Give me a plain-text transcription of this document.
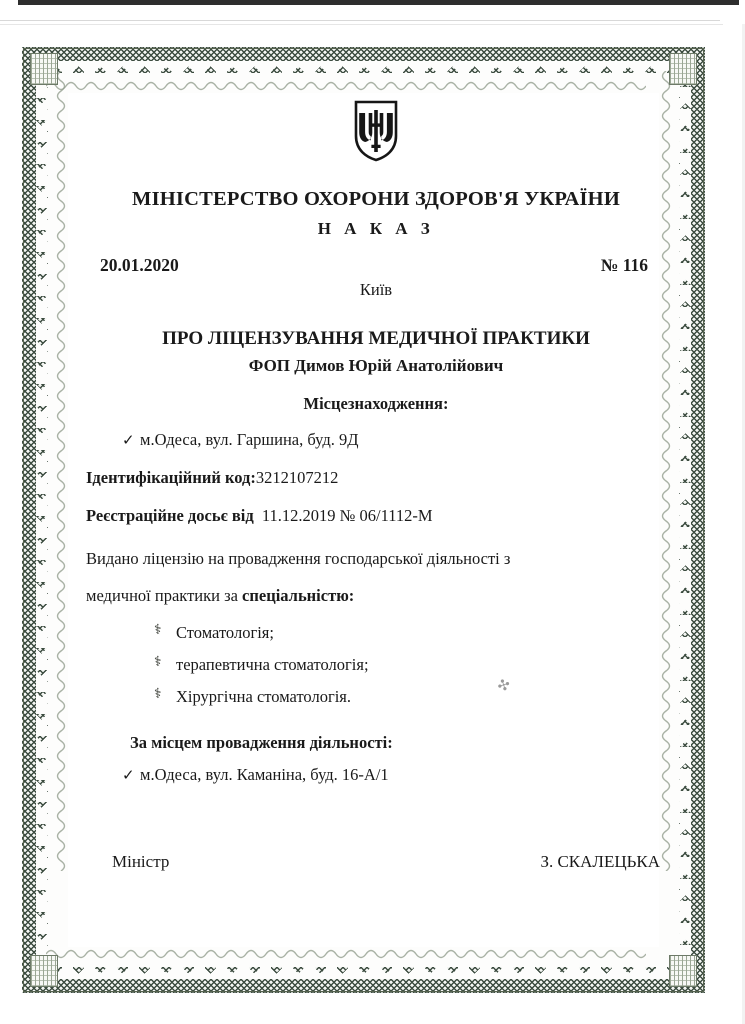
МІНІСТЕРСТВО ОХОРОНИ ЗДОРОВ'Я УКРАЇНИ

Н А К А З

20.01.2020	№ 116

Київ

ПРО ЛІЦЕНЗУВАННЯ МЕДИЧНОЇ ПРАКТИКИ

ФОП Димов Юрій Анатолійович

Місцезнаходження:

✓ м.Одеса, вул. Гаршина, буд. 9Д

Ідентифікаційний код:3212107212

Реєстраційне досьє від 11.12.2019 № 06/1112-М

Видано ліцензію на провадження господарської діяльності з

медичної практики за спеціальністю:

⚕ Стоматологія;
⚕ терапевтична стоматологія;
⚕ Хірургічна стоматологія.

За місцем провадження діяльності:

✓ м.Одеса, вул. Каманіна, буд. 16-А/1

✣
Міністр	З. СКАЛЕЦЬКА
